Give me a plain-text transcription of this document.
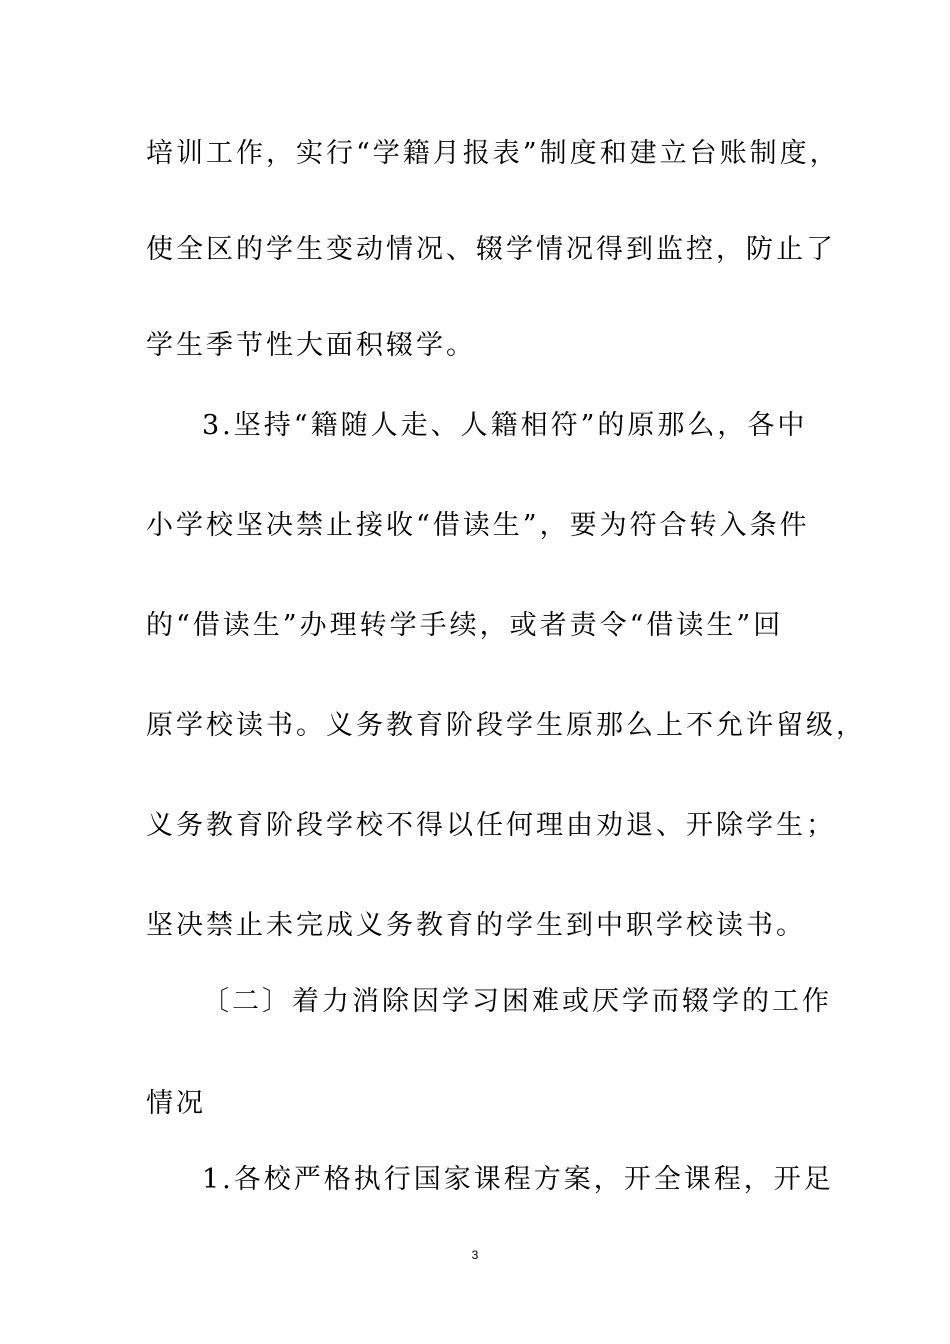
培训工作，实行“学籍月报表”制度和建立台账制度，
使全区的学生变动情况、辍学情况得到监控，防止了
学生季节性大面积辍学。
3.坚持“籍随人走、人籍相符”的原那么，各中
小学校坚决禁止接收“借读生”，要为符合转入条件
的“借读生”办理转学手续，或者责令“借读生”回
原学校读书。义务教育阶段学生原那么上不允许留级，
义务教育阶段学校不得以任何理由劝退、开除学生；
坚决禁止未完成义务教育的学生到中职学校读书。
〔二〕着力消除因学习困难或厌学而辍学的工作
情况
1.各校严格执行国家课程方案，开全课程，开足
3
